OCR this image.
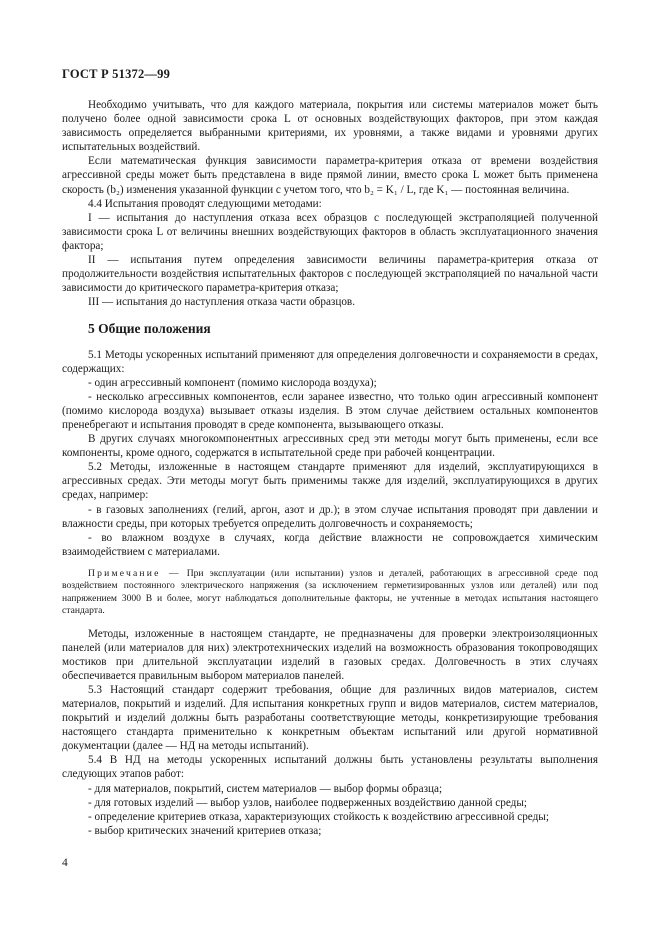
ГОСТ Р 51372—99

Необходимо учитывать, что для каждого материала, покрытия или системы материалов может быть получено более одной зависимости срока L от основных воздействующих факторов, при этом каждая зависимость определяется выбранными критериями, их уровнями, а также видами и уровнями других испытательных воздействий.

Если математическая функция зависимости параметра-критерия отказа от времени воздействия агрессивной среды может быть представлена в виде прямой линии, вместо срока L может быть применена скорость (b₂) изменения указанной функции с учетом того, что b₂ = K₁ / L, где K₁ — постоянная величина.

4.4 Испытания проводят следующими методами:

I — испытания до наступления отказа всех образцов с последующей экстраполяцией полученной зависимости срока L от величины внешних воздействующих факторов в область эксплуатационного значения фактора;

II — испытания путем определения зависимости величины параметра-критерия отказа от продолжительности воздействия испытательных факторов с последующей экстраполяцией по начальной части зависимости до критического параметра-критерия отказа;

III — испытания до наступления отказа части образцов.

5 Общие положения

5.1 Методы ускоренных испытаний применяют для определения долговечности и сохраняемости в средах, содержащих:

- один агрессивный компонент (помимо кислорода воздуха);

- несколько агрессивных компонентов, если заранее известно, что только один агрессивный компонент (помимо кислорода воздуха) вызывает отказы изделия. В этом случае действием остальных компонентов пренебрегают и испытания проводят в среде компонента, вызывающего отказы.

В других случаях многокомпонентных агрессивных сред эти методы могут быть применены, если все компоненты, кроме одного, содержатся в испытательной среде при рабочей концентрации.

5.2 Методы, изложенные в настоящем стандарте применяют для изделий, эксплуатирующихся в агрессивных средах. Эти методы могут быть применимы также для изделий, эксплуатирующихся в других средах, например:

- в газовых заполнениях (гелий, аргон, азот и др.); в этом случае испытания проводят при давлении и влажности среды, при которых требуется определить долговечность и сохраняемость;

- во влажном воздухе в случаях, когда действие влажности не сопровождается химическим взаимодействием с материалами.

Примечание — При эксплуатации (или испытании) узлов и деталей, работающих в агрессивной среде под воздействием постоянного электрического напряжения (за исключением герметизированных узлов или деталей) или под напряжением 3000 В и более, могут наблюдаться дополнительные факторы, не учтенные в методах испытания настоящего стандарта.

Методы, изложенные в настоящем стандарте, не предназначены для проверки электроизоляционных панелей (или материалов для них) электротехнических изделий на возможность образования токопроводящих мостиков при длительной эксплуатации изделий в газовых средах. Долговечность в этих случаях обеспечивается правильным выбором материалов панелей.

5.3 Настоящий стандарт содержит требования, общие для различных видов материалов, систем материалов, покрытий и изделий. Для испытания конкретных групп и видов материалов, систем материалов, покрытий и изделий должны быть разработаны соответствующие методы, конкретизирующие требования настоящего стандарта применительно к конкретным объектам испытаний или другой нормативной документации (далее — НД на методы испытаний).

5.4 В НД на методы ускоренных испытаний должны быть установлены результаты выполнения следующих этапов работ:

- для материалов, покрытий, систем материалов — выбор формы образца;

- для готовых изделий — выбор узлов, наиболее подверженных воздействию данной среды;

- определение критериев отказа, характеризующих стойкость к воздействию агрессивной среды;

- выбор критических значений критериев отказа;

4
